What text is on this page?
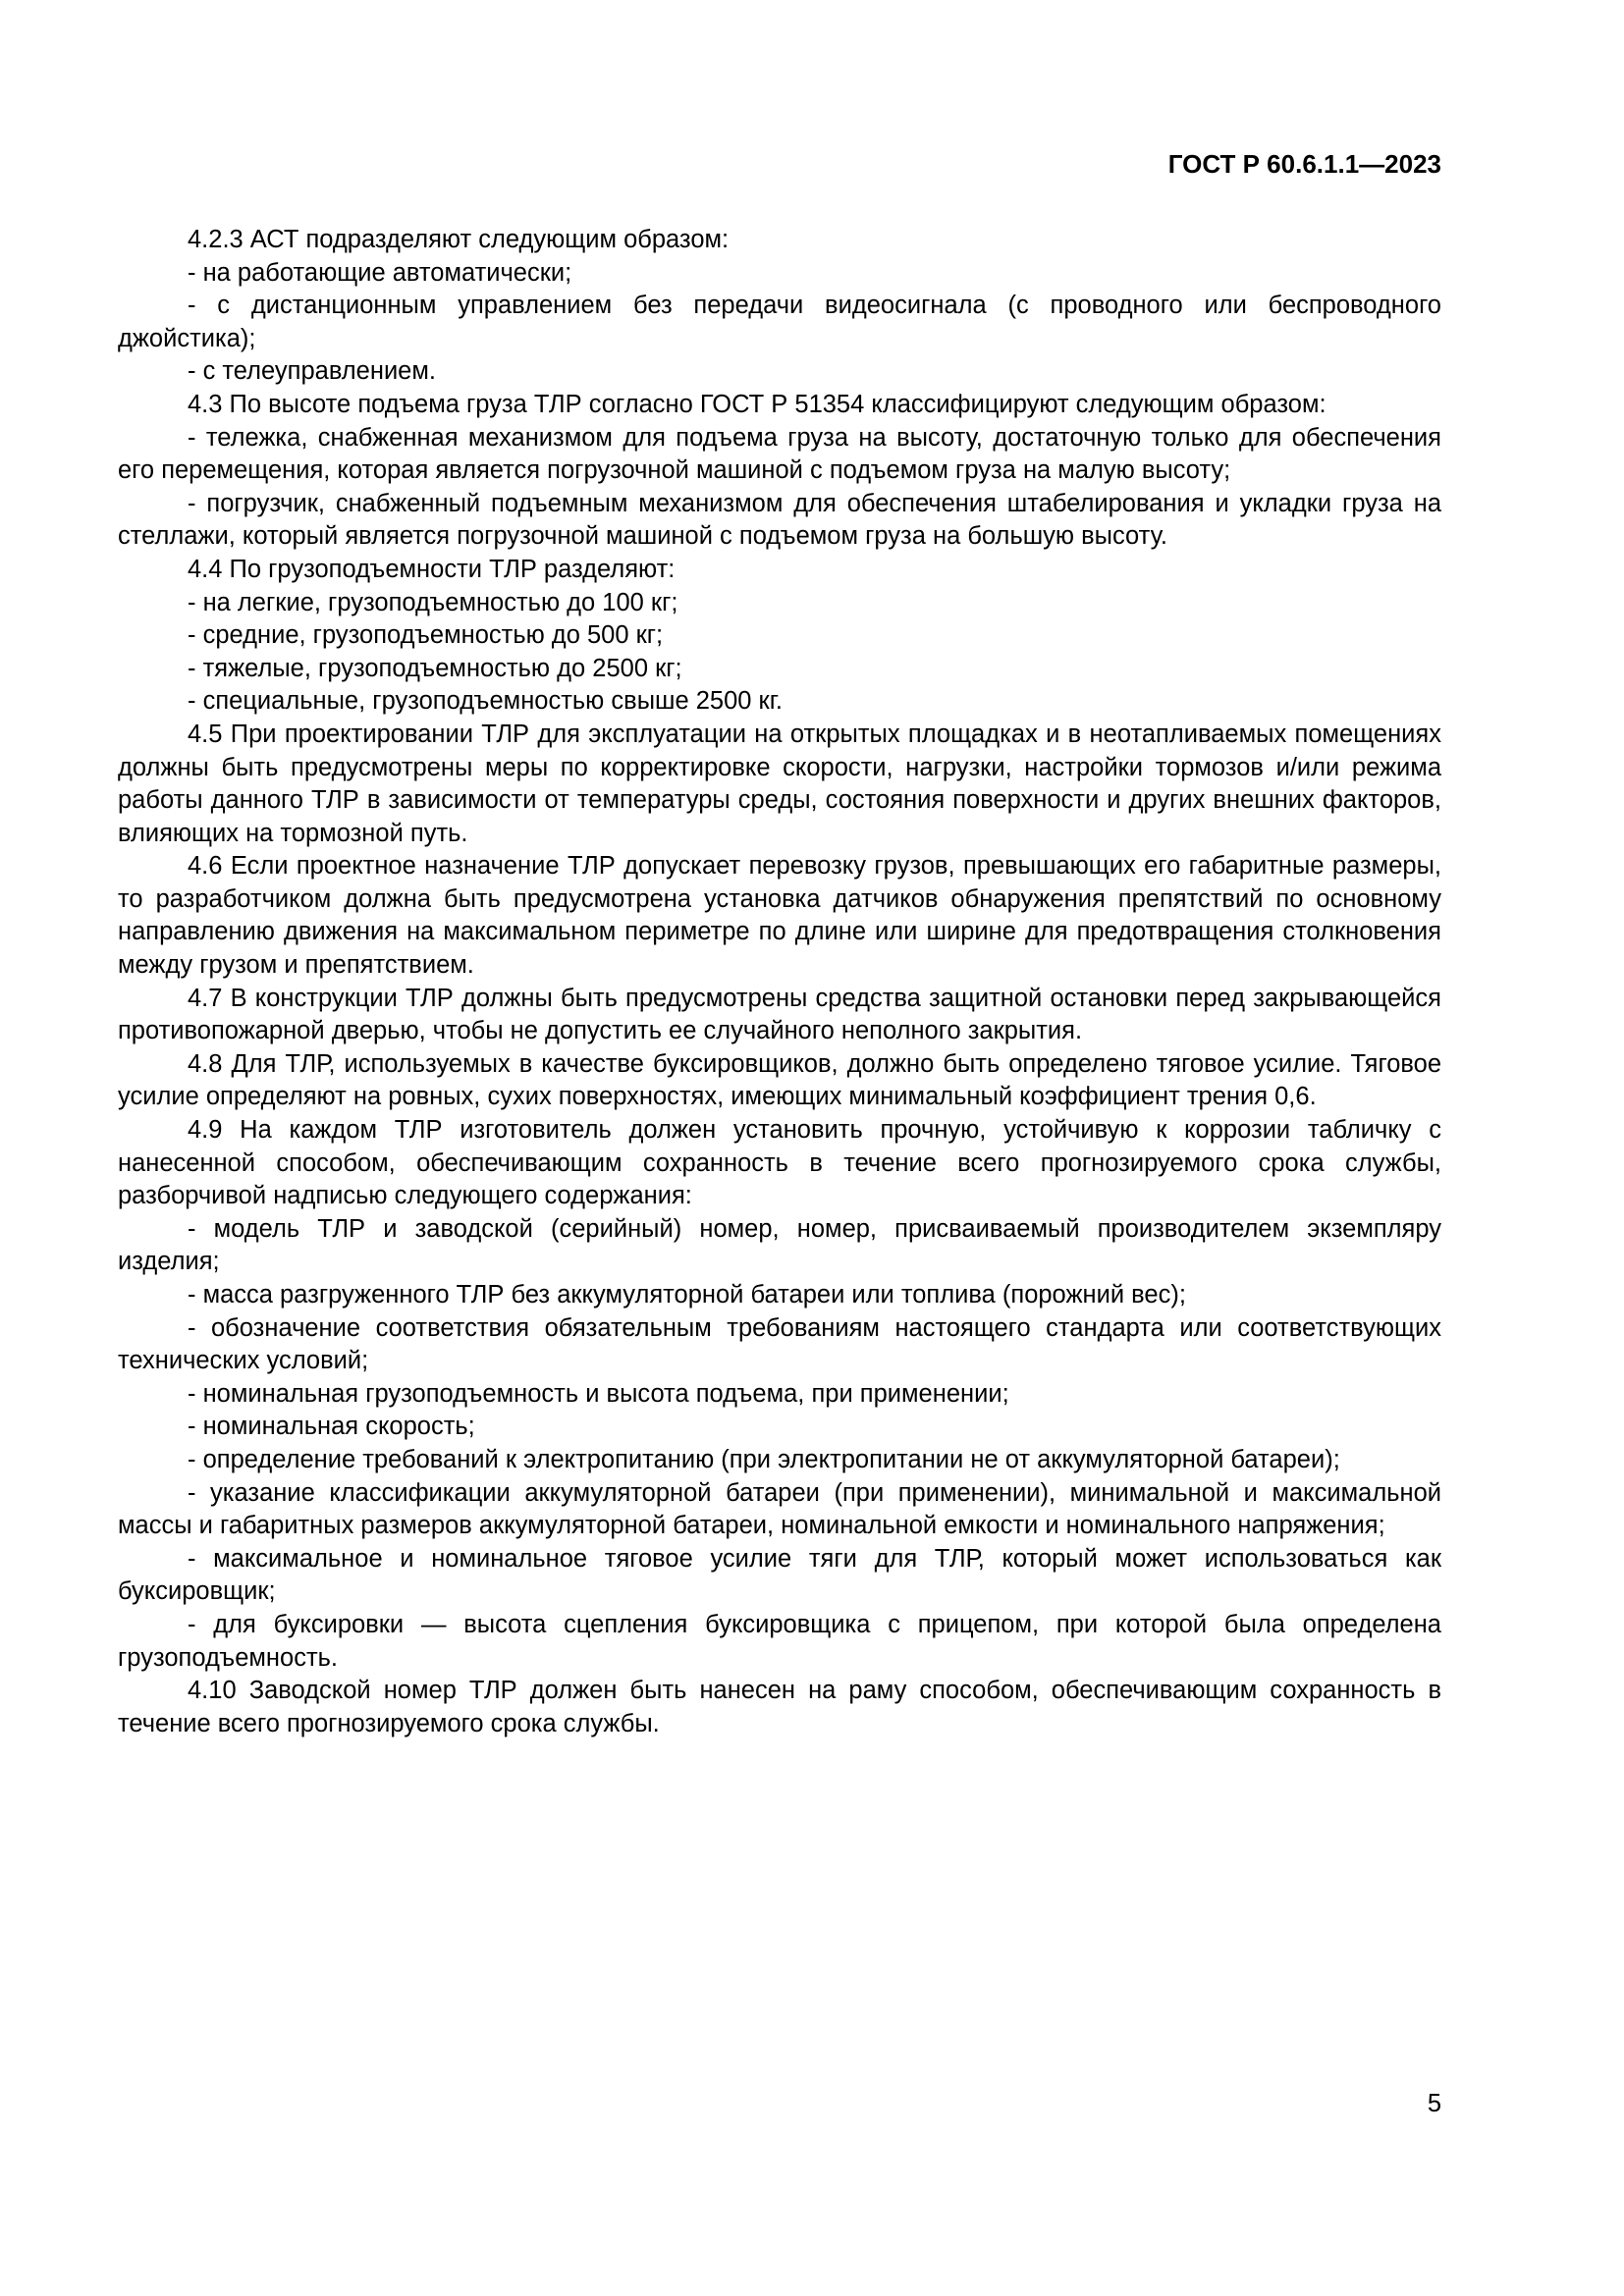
ГОСТ Р 60.6.1.1—2023

4.2.3 АСТ подразделяют следующим образом:

- на работающие автоматически;

- с дистанционным управлением без передачи видеосигнала (с проводного или беспроводного джойстика);

- с телеуправлением.

4.3 По высоте подъема груза ТЛР согласно ГОСТ Р 51354 классифицируют следующим образом:

- тележка, снабженная механизмом для подъема груза на высоту, достаточную только для обеспечения его перемещения, которая является погрузочной машиной с подъемом груза на малую высоту;

- погрузчик, снабженный подъемным механизмом для обеспечения штабелирования и укладки груза на стеллажи, который является погрузочной машиной с подъемом груза на большую высоту.

4.4 По грузоподъемности ТЛР разделяют:

- на легкие, грузоподъемностью до 100 кг;

- средние, грузоподъемностью до 500 кг;

- тяжелые, грузоподъемностью до 2500 кг;

- специальные, грузоподъемностью свыше 2500 кг.

4.5 При проектировании ТЛР для эксплуатации на открытых площадках и в неотапливаемых помещениях должны быть предусмотрены меры по корректировке скорости, нагрузки, настройки тормозов и/или режима работы данного ТЛР в зависимости от температуры среды, состояния поверхности и других внешних факторов, влияющих на тормозной путь.

4.6 Если проектное назначение ТЛР допускает перевозку грузов, превышающих его габаритные размеры, то разработчиком должна быть предусмотрена установка датчиков обнаружения препятствий по основному направлению движения на максимальном периметре по длине или ширине для предотвращения столкновения между грузом и препятствием.

4.7 В конструкции ТЛР должны быть предусмотрены средства защитной остановки перед закрывающейся противопожарной дверью, чтобы не допустить ее случайного неполного закрытия.

4.8 Для ТЛР, используемых в качестве буксировщиков, должно быть определено тяговое усилие. Тяговое усилие определяют на ровных, сухих поверхностях, имеющих минимальный коэффициент трения 0,6.

4.9 На каждом ТЛР изготовитель должен установить прочную, устойчивую к коррозии табличку с нанесенной способом, обеспечивающим сохранность в течение всего прогнозируемого срока службы, разборчивой надписью следующего содержания:

- модель ТЛР и заводской (серийный) номер, номер, присваиваемый производителем экземпляру изделия;

- масса разгруженного ТЛР без аккумуляторной батареи или топлива (порожний вес);

- обозначение соответствия обязательным требованиям настоящего стандарта или соответствующих технических условий;

- номинальная грузоподъемность и высота подъема, при применении;

- номинальная скорость;

- определение требований к электропитанию (при электропитании не от аккумуляторной батареи);

- указание классификации аккумуляторной батареи (при применении), минимальной и максимальной массы и габаритных размеров аккумуляторной батареи, номинальной емкости и номинального напряжения;

- максимальное и номинальное тяговое усилие тяги для ТЛР, который может использоваться как буксировщик;

- для буксировки — высота сцепления буксировщика с прицепом, при которой была определена грузоподъемность.

4.10 Заводской номер ТЛР должен быть нанесен на раму способом, обеспечивающим сохранность в течение всего прогнозируемого срока службы.

5
